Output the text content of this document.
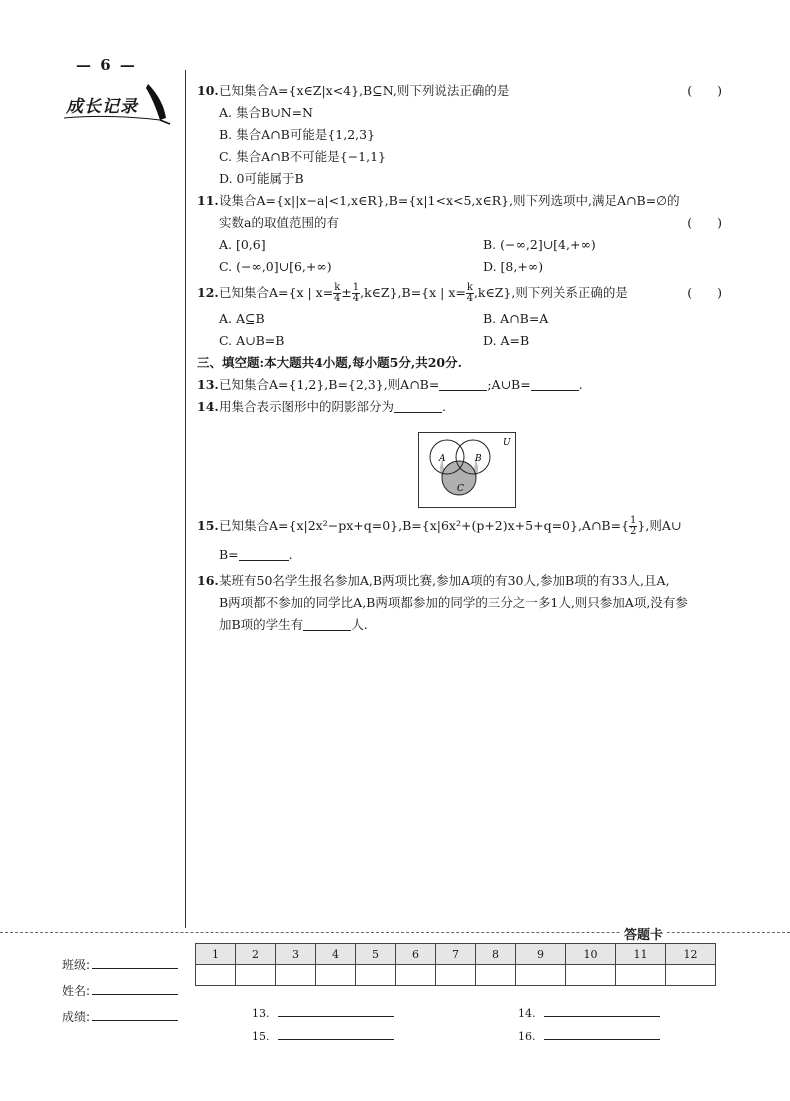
— 6 —
成长记录
10.已知集合A={x∈Z|x<4},B⊆N,则下列说法正确的是	(　　)
A. 集合B∪N=N
B. 集合A∩B可能是{1,2,3}
C. 集合A∩B不可能是{−1,1}
D. 0可能属于B
11.设集合A={x||x−a|<1,x∈R},B={x|1<x<5,x∈R},则下列选项中,满足A∩B=∅的
实数a的取值范围的有	(　　)
A. [0,6]	B. (−∞,2]∪[4,+∞)
C. (−∞,0]∪[6,+∞)	D. [8,+∞)
12.已知集合A={x | $x= \frac{k}{4} \pm \frac{1}{4}$ ,k∈Z},B={x | $x= \frac{k}{4}$ ,k∈Z},则下列关系正确的是	(　　)
A. A⊆B	B. A∩B=A
C. A∪B=B	D. A=B
三、填空题:本大题共4小题,每小题5分,共20分.
13.已知集合A={1,2},B={2,3},则A∩B=	;A∪B=	.
14.用集合表示图形中的阴影部分为	.
A	B
C
U
15.已知集合A={x|2x²−px+q=0},B={x|6x²+(p+2)x+5+q=0},A∩B={ $\frac{1}{2}$ },则A∪
B=	.
16.某班有50名学生报名参加A,B两项比赛,参加A项的有30人,参加B项的有33人,且A,
B两项都不参加的同学比A,B两项都参加的同学的三分之一多1人,则只参加A项,没有参
加B项的学生有	人.
答题卡
班级:
姓名:
成绩:
1	2	3	4	5	6	7	8	9	10	11	12

13.	14.
15.	16.
